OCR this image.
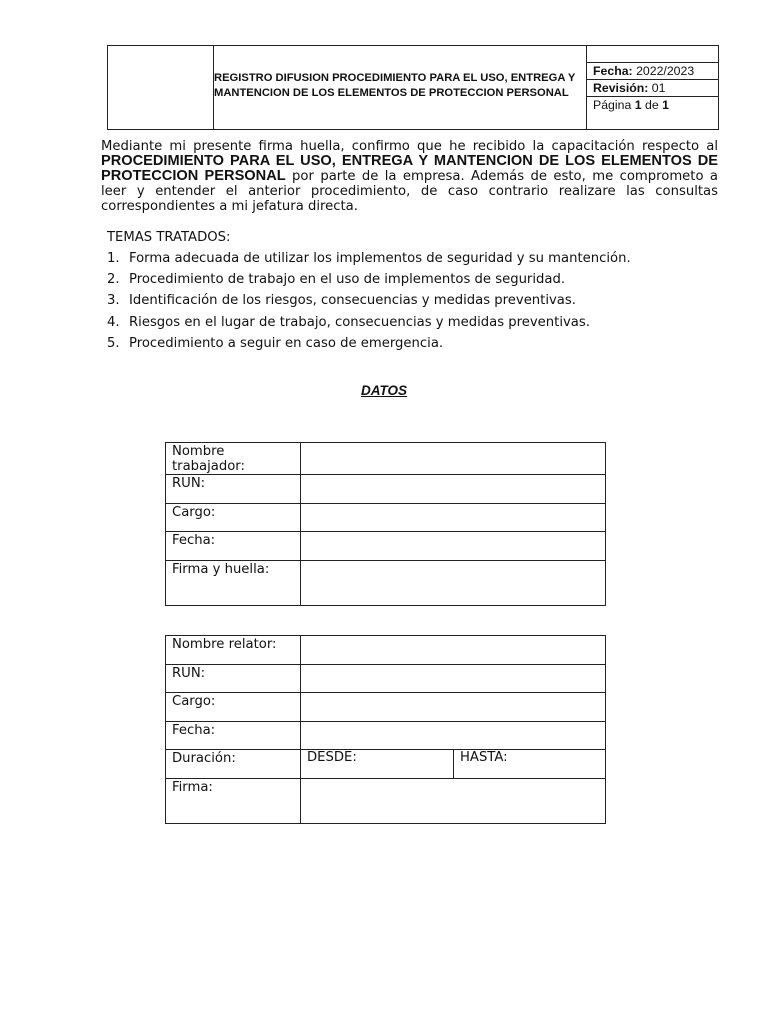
REGISTRO DIFUSION PROCEDIMIENTO PARA EL USO, ENTREGA Y
MANTENCION DE LOS ELEMENTOS DE PROTECCION PERSONAL

Fecha: 2022/2023
Revisión: 01
Página 1 de 1
Mediante mi presente firma huella, confirmo que he recibido la capacitación respecto al PROCEDIMIENTO PARA EL USO, ENTREGA Y MANTENCION DE LOS ELEMENTOS DE PROTECCION PERSONAL por parte de la empresa. Además de esto, me comprometo a leer y entender el anterior procedimiento, de caso contrario realizare las consultas correspondientes a mi jefatura directa.
TEMAS TRATADOS:
1. Forma adecuada de utilizar los implementos de seguridad y su mantención.
2. Procedimiento de trabajo en el uso de implementos de seguridad.
3. Identificación de los riesgos, consecuencias y medidas preventivas.
4. Riesgos en el lugar de trabajo, consecuencias y medidas preventivas.
5. Procedimiento a seguir en caso de emergencia.
DATOS
Nombre trabajador:	
RUN:	
Cargo:	
Fecha:	
Firma y huella:	
Nombre relator:		
RUN:		
Cargo:		
Fecha:		
Duración:	DESDE:	HASTA:
Firma:		
